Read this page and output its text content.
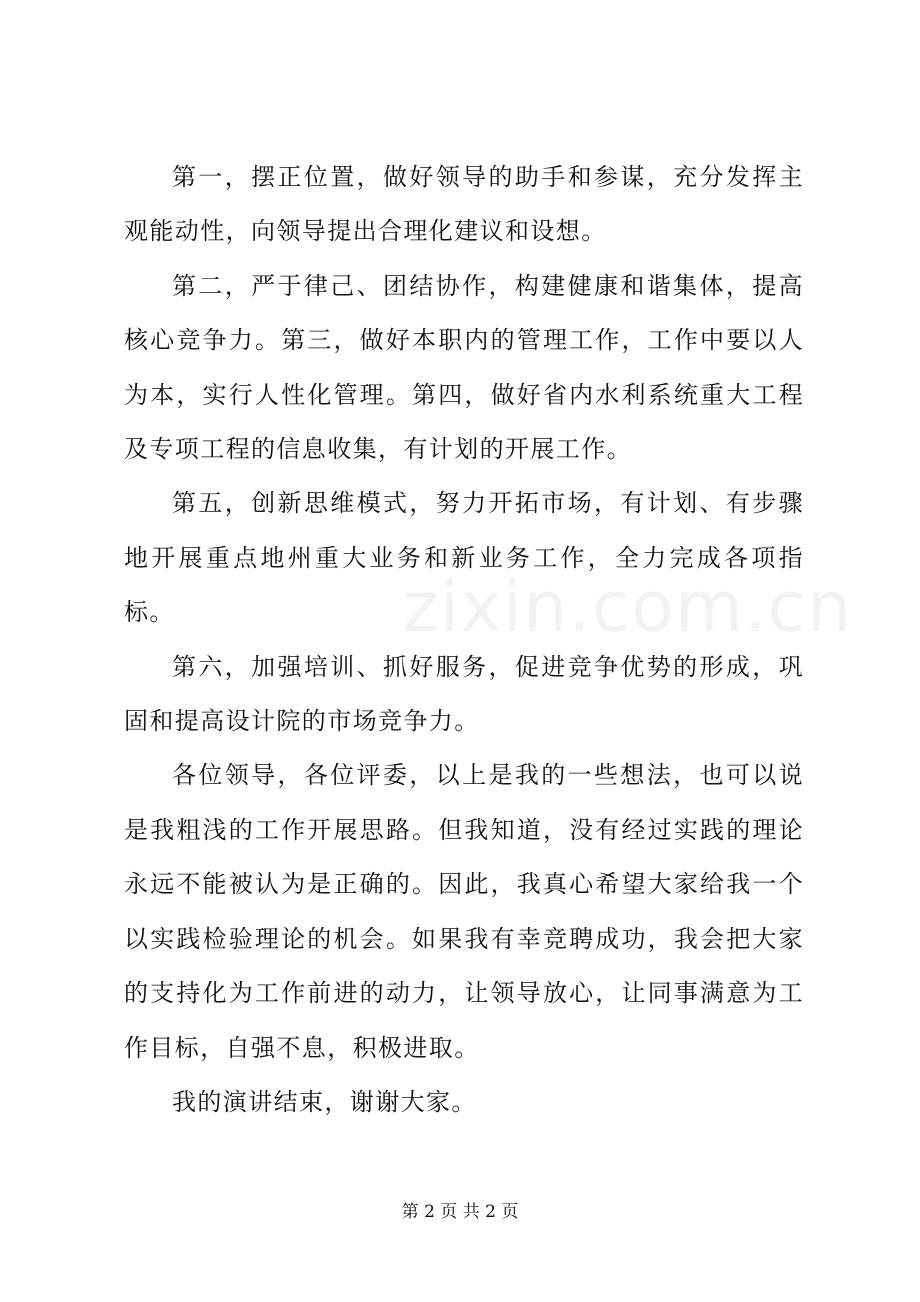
第一，摆正位置，做好领导的助手和参谋，充分发挥主观能动性，向领导提出合理化建议和设想。

第二，严于律己、团结协作，构建健康和谐集体，提高核心竞争力。第三，做好本职内的管理工作，工作中要以人为本，实行人性化管理。第四，做好省内水利系统重大工程及专项工程的信息收集，有计划的开展工作。

第五，创新思维模式，努力开拓市场，有计划、有步骤地开展重点地州重大业务和新业务工作，全力完成各项指标。

第六，加强培训、抓好服务，促进竞争优势的形成，巩固和提高设计院的市场竞争力。

各位领导，各位评委，以上是我的一些想法，也可以说是我粗浅的工作开展思路。但我知道，没有经过实践的理论永远不能被认为是正确的。因此，我真心希望大家给我一个以实践检验理论的机会。如果我有幸竞聘成功，我会把大家的支持化为工作前进的动力，让领导放心，让同事满意为工作目标，自强不息，积极进取。

我的演讲结束，谢谢大家。

第 2 页 共 2 页
